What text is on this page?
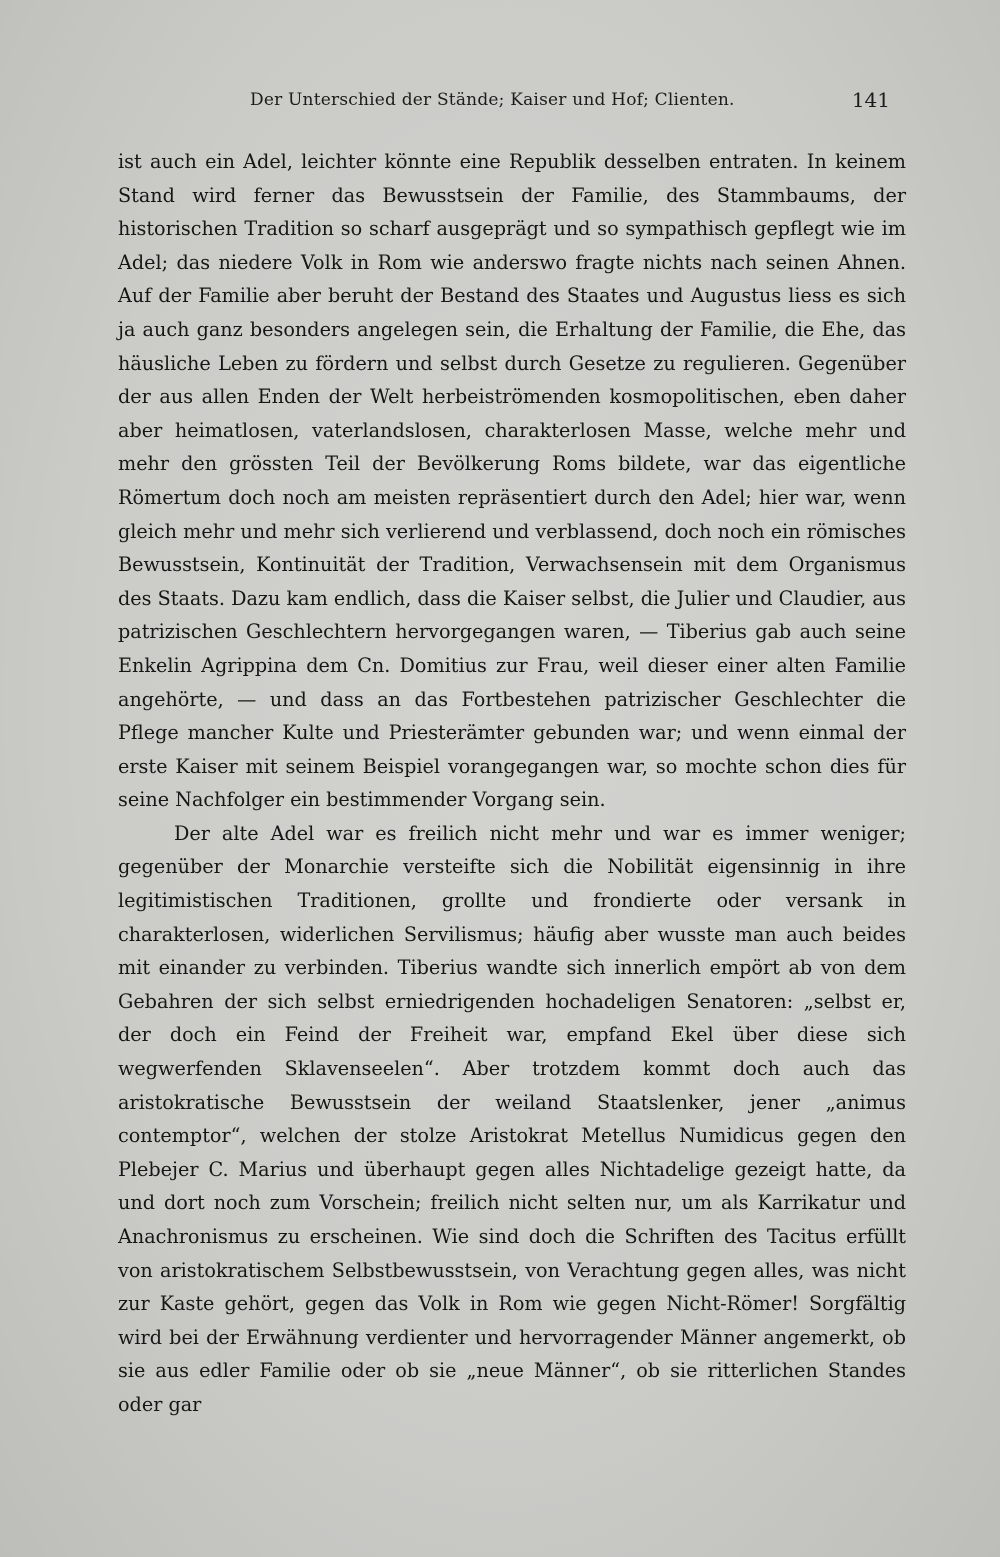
Der Unterschied der Stände; Kaiser und Hof; Clienten.	141

ist auch ein Adel, leichter könnte eine Republik desselben entraten. In keinem Stand wird ferner das Bewusstsein der Familie, des Stammbaums, der historischen Tradition so scharf ausgeprägt und so sympathisch gepflegt wie im Adel; das niedere Volk in Rom wie anderswo fragte nichts nach seinen Ahnen. Auf der Familie aber beruht der Bestand des Staates und Augustus liess es sich ja auch ganz besonders angelegen sein, die Erhaltung der Familie, die Ehe, das häusliche Leben zu fördern und selbst durch Gesetze zu regulieren. Gegenüber der aus allen Enden der Welt herbeiströmenden kosmopolitischen, eben daher aber heimatlosen, vaterlandslosen, charakterlosen Masse, welche mehr und mehr den grössten Teil der Bevölkerung Roms bildete, war das eigentliche Römertum doch noch am meisten repräsentiert durch den Adel; hier war, wenn gleich mehr und mehr sich verlierend und verblassend, doch noch ein römisches Bewusstsein, Kontinuität der Tradition, Verwachsensein mit dem Organismus des Staats. Dazu kam endlich, dass die Kaiser selbst, die Julier und Claudier, aus patrizischen Geschlechtern hervorgegangen waren, — Tiberius gab auch seine Enkelin Agrippina dem Cn. Domitius zur Frau, weil dieser einer alten Familie angehörte, — und dass an das Fortbestehen patrizischer Geschlechter die Pflege mancher Kulte und Priesterämter gebunden war; und wenn einmal der erste Kaiser mit seinem Beispiel vorangegangen war, so mochte schon dies für seine Nachfolger ein bestimmender Vorgang sein.

Der alte Adel war es freilich nicht mehr und war es immer weniger; gegenüber der Monarchie versteifte sich die Nobilität eigensinnig in ihre legitimistischen Traditionen, grollte und frondierte oder versank in charakterlosen, widerlichen Servilismus; häufig aber wusste man auch beides mit einander zu verbinden. Tiberius wandte sich innerlich empört ab von dem Gebahren der sich selbst erniedrigenden hochadeligen Senatoren: „selbst er, der doch ein Feind der Freiheit war, empfand Ekel über diese sich wegwerfenden Sklavenseelen“. Aber trotzdem kommt doch auch das aristokratische Bewusstsein der weiland Staatslenker, jener „animus contemptor“, welchen der stolze Aristokrat Metellus Numidicus gegen den Plebejer C. Marius und überhaupt gegen alles Nichtadelige gezeigt hatte, da und dort noch zum Vorschein; freilich nicht selten nur, um als Karrikatur und Anachronismus zu erscheinen. Wie sind doch die Schriften des Tacitus erfüllt von aristokratischem Selbstbewusstsein, von Verachtung gegen alles, was nicht zur Kaste gehört, gegen das Volk in Rom wie gegen Nicht-Römer! Sorgfältig wird bei der Erwähnung verdienter und hervorragender Männer angemerkt, ob sie aus edler Familie oder ob sie „neue Männer“, ob sie ritterlichen Standes oder gar
